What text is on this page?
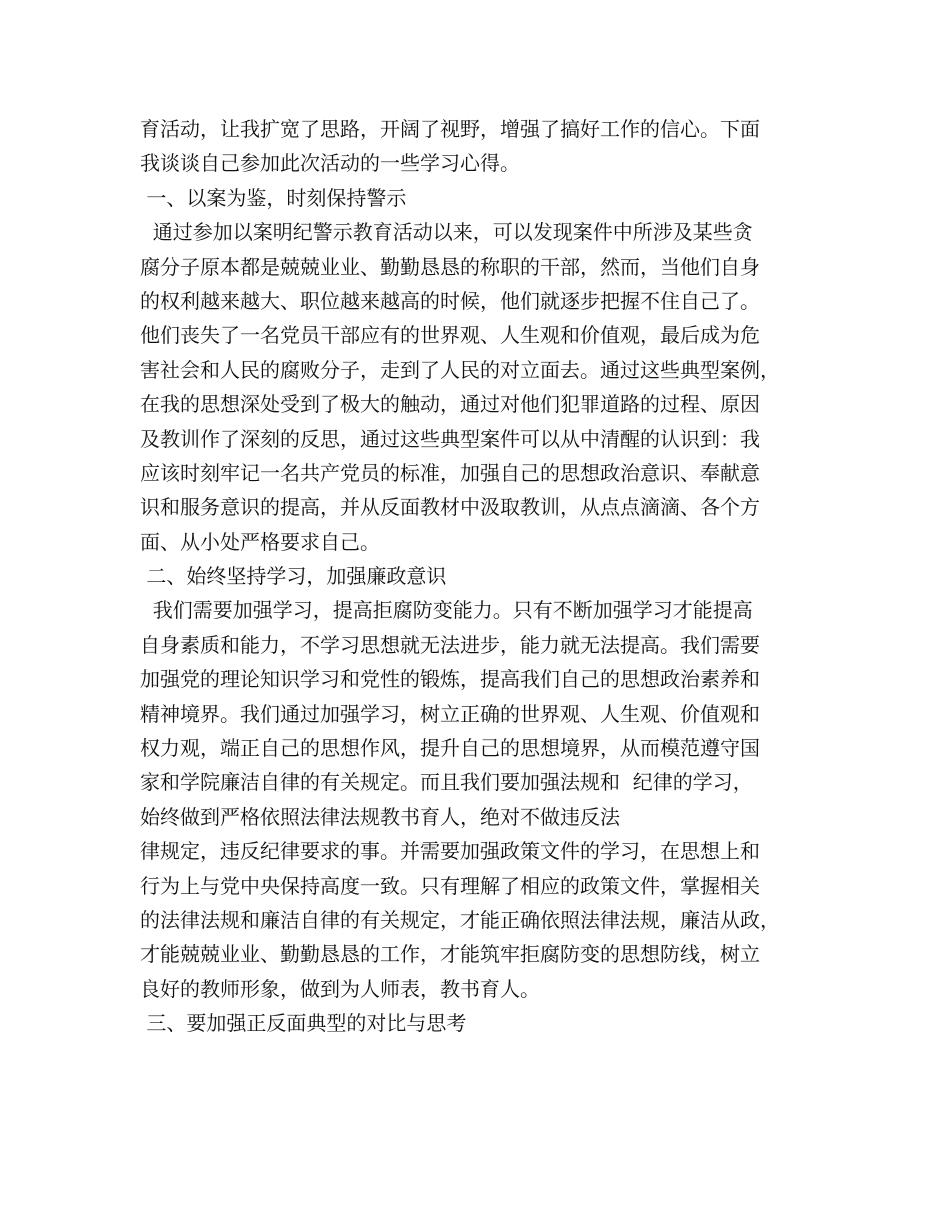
育活动，让我扩宽了思路，开阔了视野，增强了搞好工作的信心。下面
我谈谈自己参加此次活动的一些学习心得。
一、以案为鉴，时刻保持警示
通过参加以案明纪警示教育活动以来，可以发现案件中所涉及某些贪
腐分子原本都是兢兢业业、勤勤恳恳的称职的干部，然而，当他们自身
的权利越来越大、职位越来越高的时候，他们就逐步把握不住自己了。
他们丧失了一名党员干部应有的世界观、人生观和价值观，最后成为危
害社会和人民的腐败分子，走到了人民的对立面去。通过这些典型案例，
在我的思想深处受到了极大的触动，通过对他们犯罪道路的过程、原因
及教训作了深刻的反思，通过这些典型案件可以从中清醒的认识到：我
应该时刻牢记一名共产党员的标准，加强自己的思想政治意识、奉献意
识和服务意识的提高，并从反面教材中汲取教训，从点点滴滴、各个方
面、从小处严格要求自己。
二、始终坚持学习，加强廉政意识
我们需要加强学习，提高拒腐防变能力。只有不断加强学习才能提高
自身素质和能力，不学习思想就无法进步，能力就无法提高。我们需要
加强党的理论知识学习和党性的锻炼，提高我们自己的思想政治素养和
精神境界。我们通过加强学习，树立正确的世界观、人生观、价值观和
权力观，端正自己的思想作风，提升自己的思想境界，从而模范遵守国
家和学院廉洁自律的有关规定。而且我们要加强法规和  纪律的学习，
始终做到严格依照法律法规教书育人，绝对不做违反法
律规定，违反纪律要求的事。并需要加强政策文件的学习，在思想上和
行为上与党中央保持高度一致。只有理解了相应的政策文件，掌握相关
的法律法规和廉洁自律的有关规定，才能正确依照法律法规，廉洁从政，
才能兢兢业业、勤勤恳恳的工作，才能筑牢拒腐防变的思想防线，树立
良好的教师形象，做到为人师表，教书育人。
三、要加强正反面典型的对比与思考
